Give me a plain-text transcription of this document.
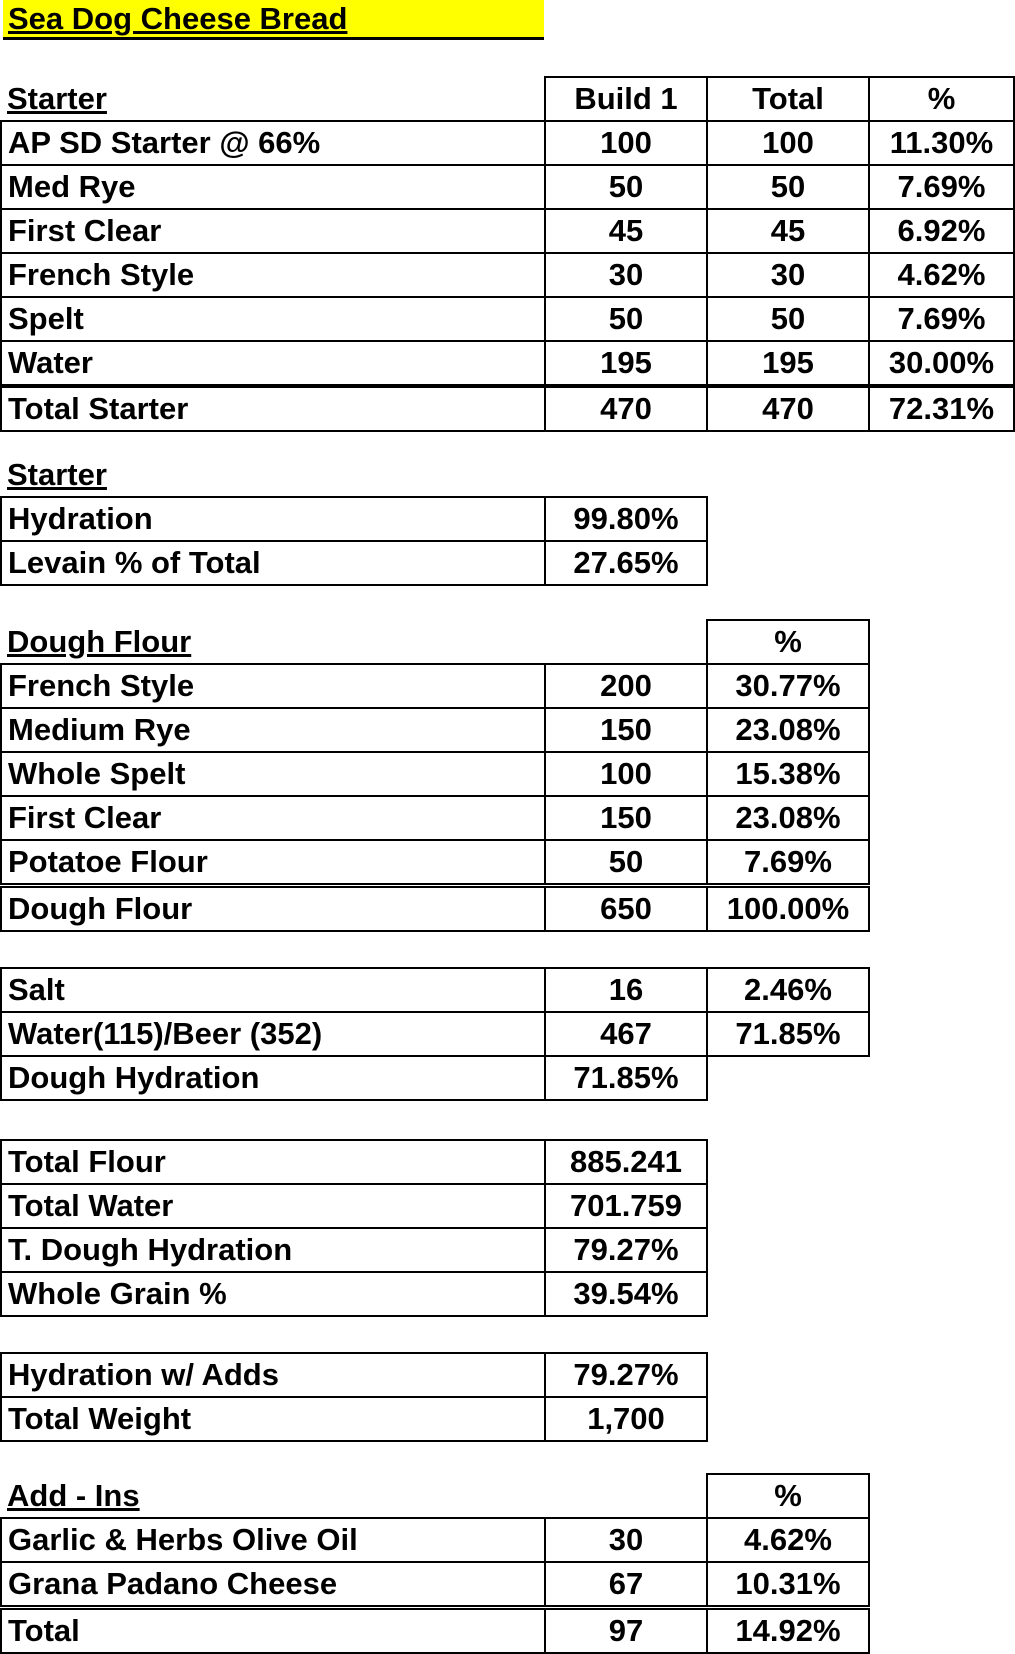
Sea Dog Cheese Bread
Starter	Build 1	Total	%
AP SD Starter @ 66%	100	100	11.30%
Med Rye	50	50	7.69%
First Clear	45	45	6.92%
French Style	30	30	4.62%
Spelt	50	50	7.69%
Water	195	195	30.00%
Total Starter	470	470	72.31%
Starter	
Hydration	99.80%
Levain % of Total	27.65%
Dough Flour		%
French Style	200	30.77%
Medium Rye	150	23.08%
Whole Spelt	100	15.38%
First Clear	150	23.08%
Potatoe Flour	50	7.69%
Dough Flour	650	100.00%
Salt	16	2.46%
Water(115)/Beer (352)	467	71.85%
Dough Hydration	71.85%	
Total Flour	885.241
Total Water	701.759
T. Dough Hydration	79.27%
Whole Grain %	39.54%
Hydration w/ Adds	79.27%
Total Weight	1,700
Add - Ins		%
Garlic & Herbs Olive Oil	30	4.62%
Grana Padano Cheese	67	10.31%
Total	97	14.92%
